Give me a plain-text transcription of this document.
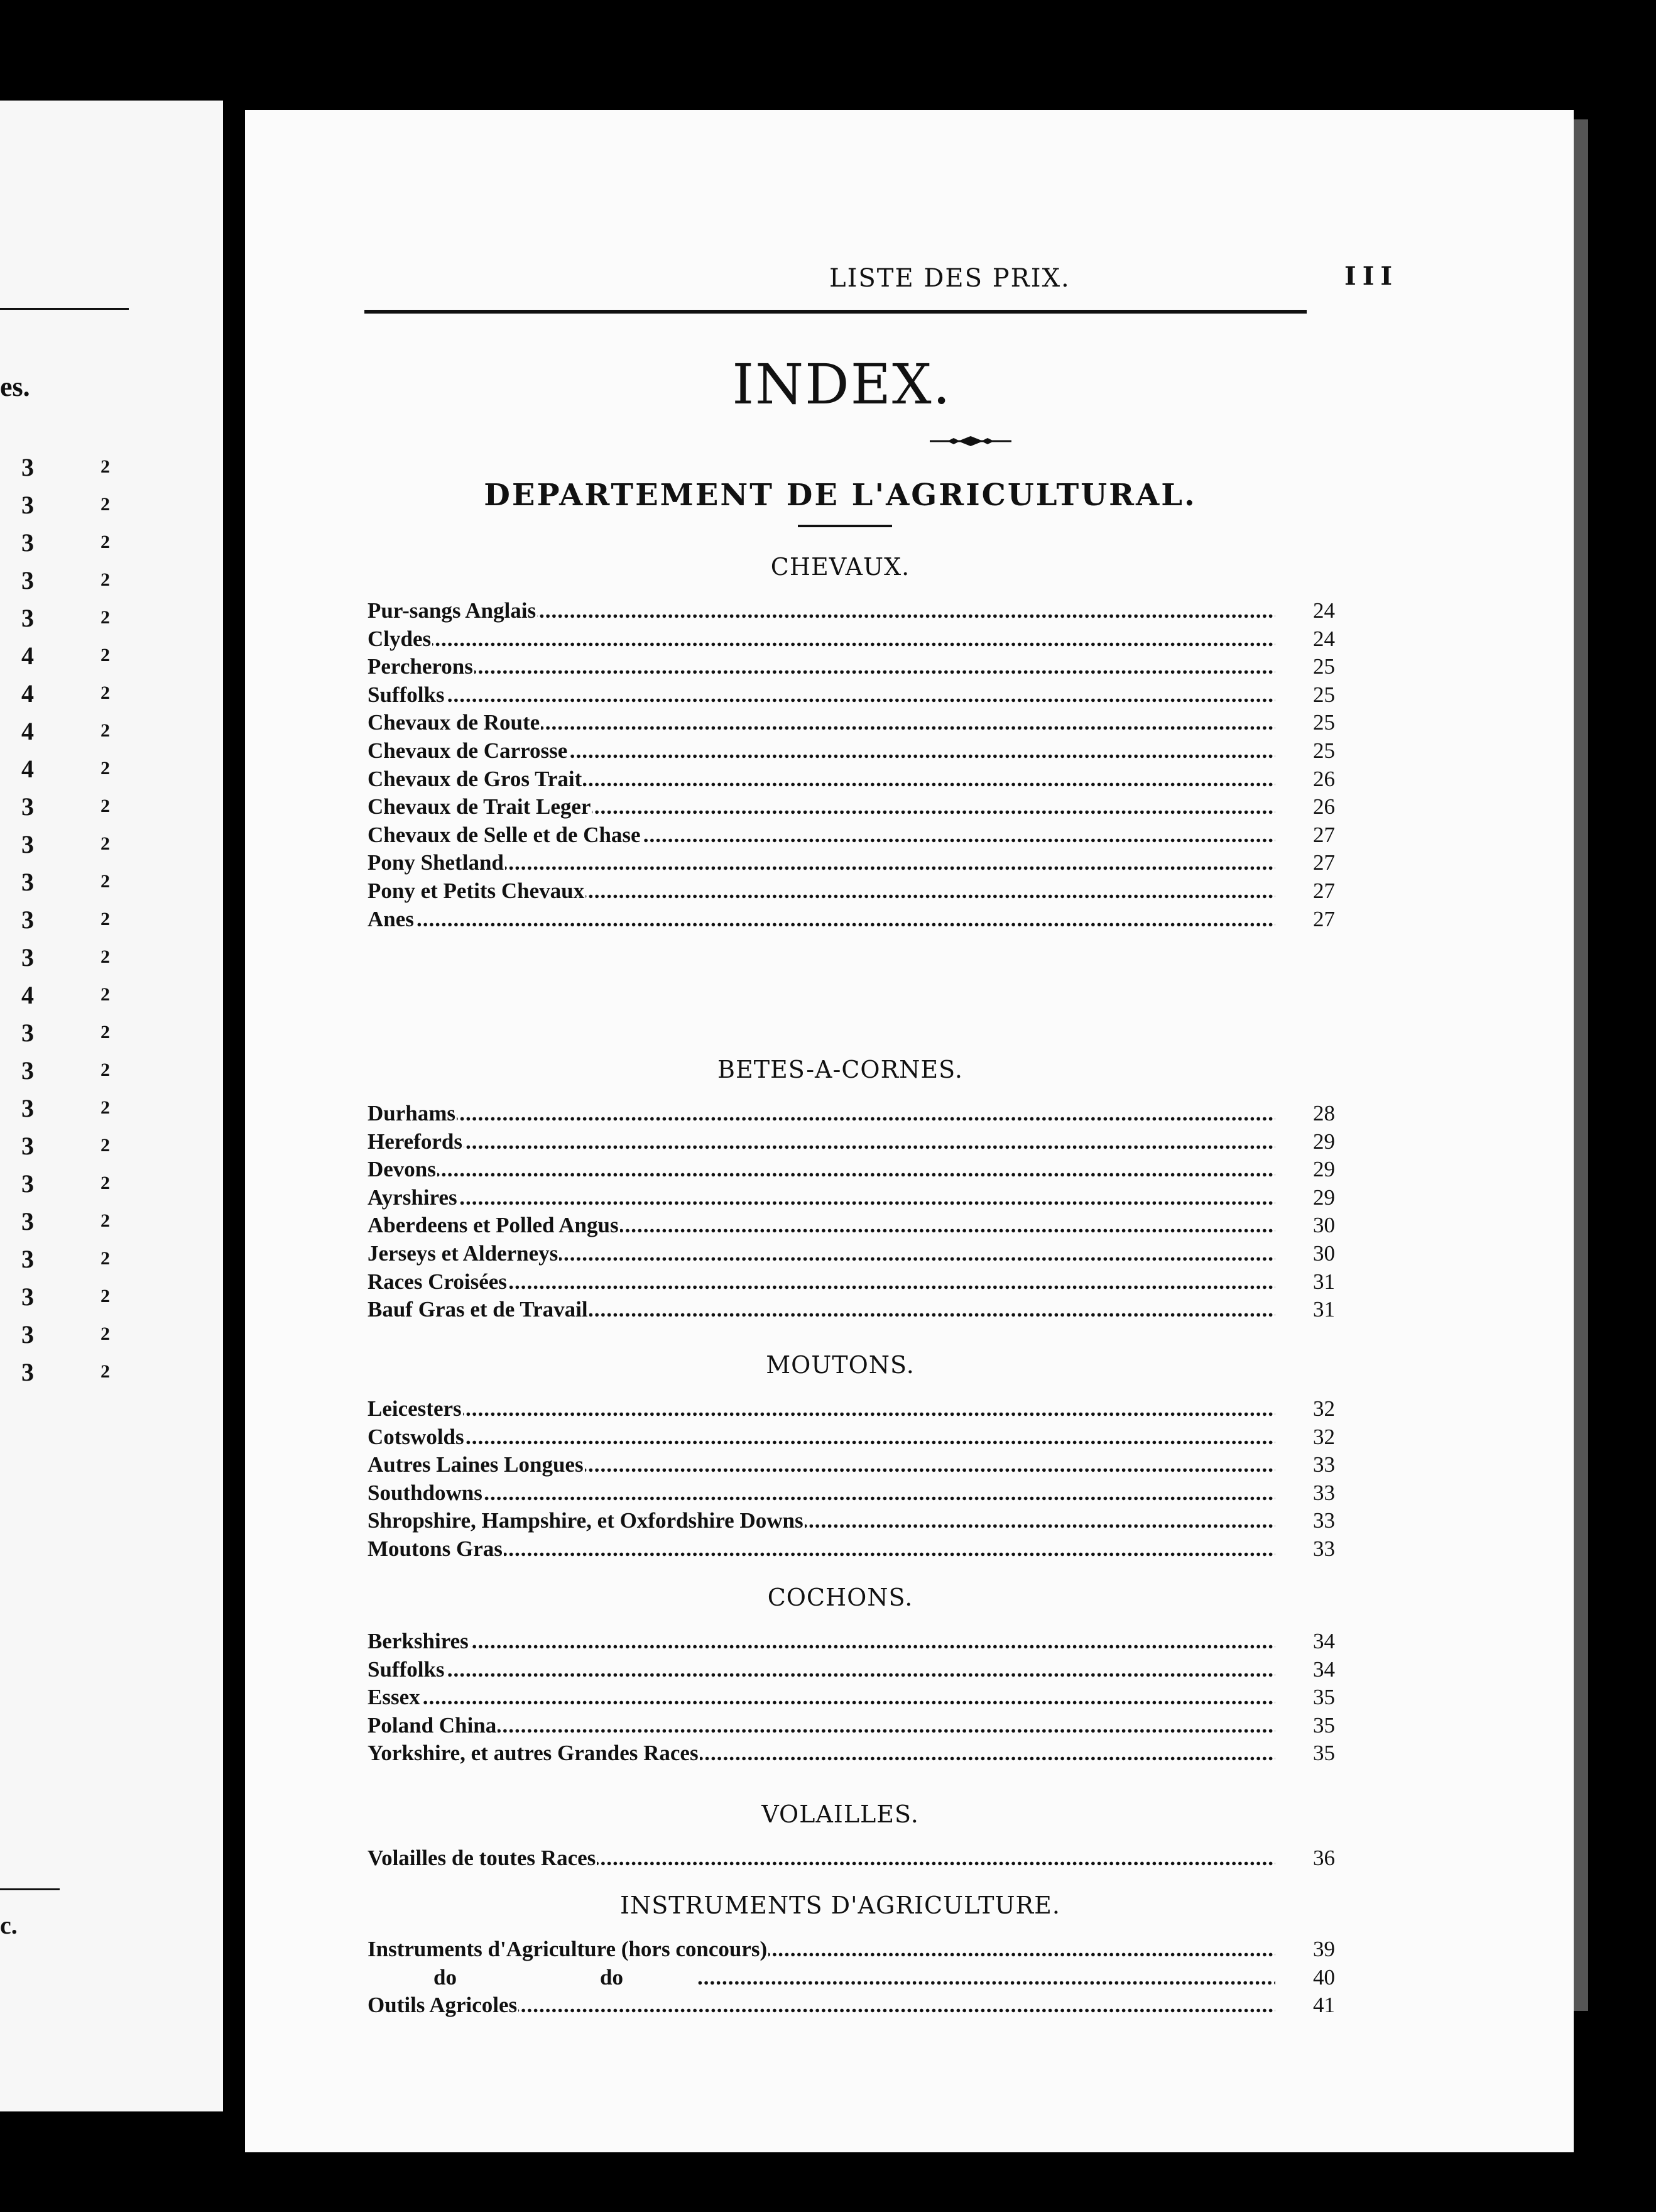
es.
3	2
3	2
3	2
3	2
3	2
4	2
4	2
4	2
4	2
3	2
3	2
3	2
3	2
3	2
4	2
3	2
3	2
3	2
3	2
3	2
3	2
3	2
3	2
3	2
3	2
c.
LISTE DES PRIX.	III
INDEX.
DEPARTEMENT DE L'AGRICULTURAL.
CHEVAUX.
.....
Pur-sangs Anglais	24
.....
Clydes	24
.....
Percherons	25
.....
Suffolks	25
.....
Chevaux de Route	25
.....
Chevaux de Carrosse	25
.....
Chevaux de Gros Trait	26
.....
Chevaux de Trait Leger	26
.....
Chevaux de Selle et de Chase	27
.....
Pony Shetland	27
.....
Pony et Petits Chevaux	27
.....
Anes	27
BETES-A-CORNES.
.....
Durhams	28
.....
Herefords	29
.....
Devons	29
.....
Ayrshires	29
.....
Aberdeens et Polled Angus	30
.....
Jerseys et Alderneys	30
.....
Races Croisées	31
.....
Bauf Gras et de Travail	31
MOUTONS.
.....
Leicesters	32
.....
Cotswolds	32
.....
Autres Laines Longues	33
.....
Southdowns	33
.....
Shropshire, Hampshire, et Oxfordshire Downs	33
.....
Moutons Gras	33
COCHONS.
.....
Berkshires	34
.....
Suffolks	34
.....
Essex	35
.....
Poland China	35
.....
Yorkshire, et autres Grandes Races	35
VOLAILLES.
.....
Volailles de toutes Races	36
INSTRUMENTS D'AGRICULTURE.
.....
Instruments d'Agriculture (hors concours)	39
.....
do	do	40
.....
Outils Agricoles	41
